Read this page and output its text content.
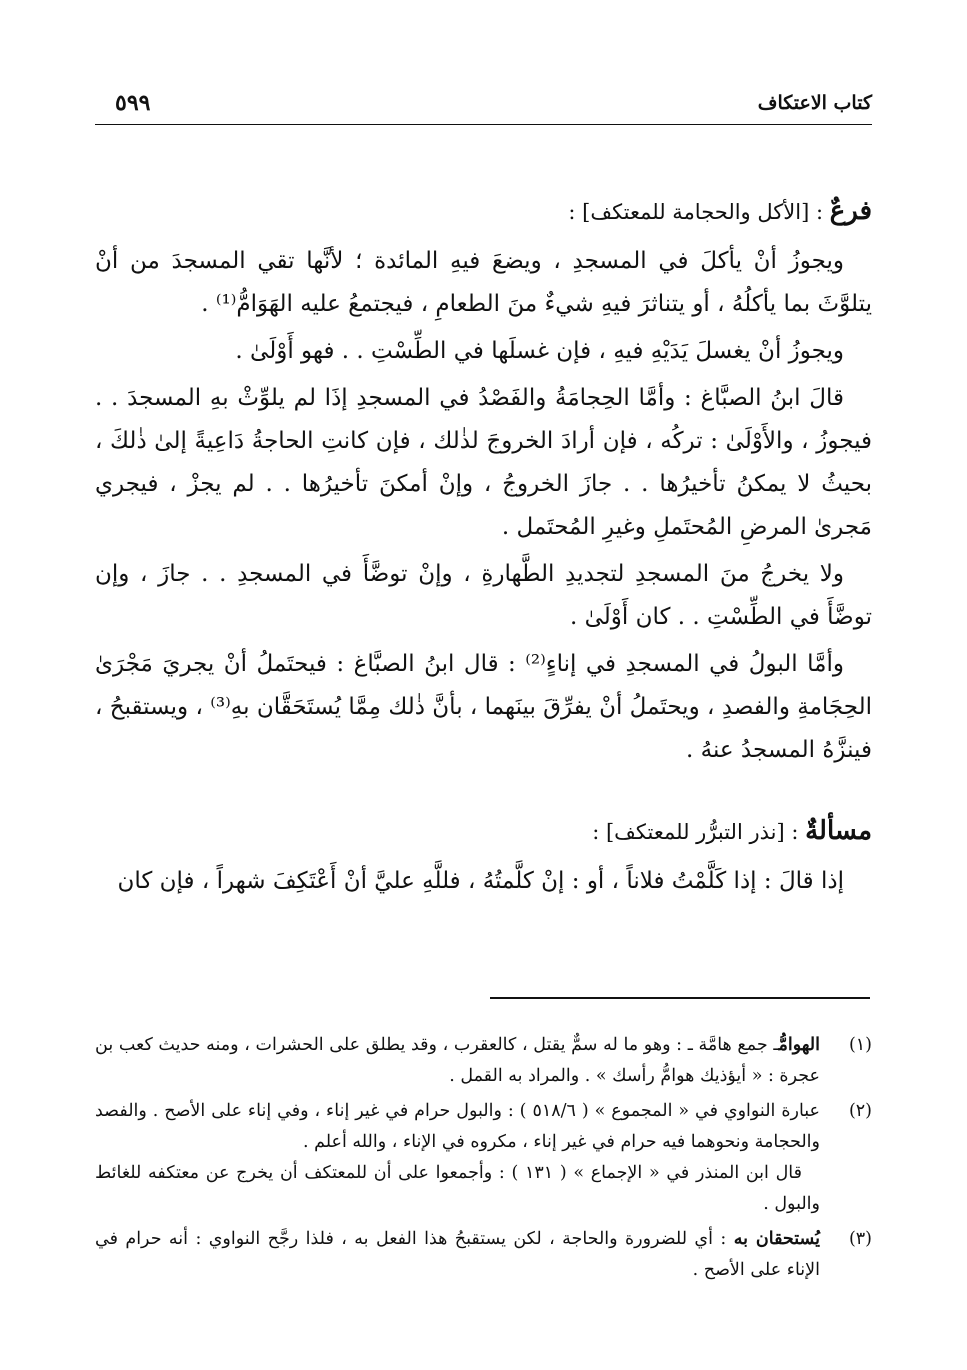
كتاب الاعتكاف
٥٩٩

فرعٌ : [الأكل والحجامة للمعتكف] :

ويجوزُ أنْ يأكلَ في المسجدِ ، ويضعَ فيهِ المائدة ؛ لأنَّها تقي المسجدَ من أنْ يتلوَّثَ بما يأكلُهُ ، أو يتناثرَ فيهِ شيءٌ منَ الطعامِ ، فيجتمعُ عليه الهَوَامُّ⁽¹⁾ .

ويجوزُ أنْ يغسلَ يَدَيْهِ فيهِ ، فإن غسلَها في الطِّسْتِ . . فهو أَوْلَىٰ .

قالَ ابنُ الصبَّاغ : وأمَّا الحِجامَةُ والفَصْدُ في المسجدِ إذَا لم يلوِّثْ بهِ المسجدَ . . فيجوزُ ، والأَوْلَىٰ : تركُه ، فإن أرادَ الخروجَ لذٰلك ، فإن كانتِ الحاجةُ دَاعِيةً إلىٰ ذٰلكَ ، بحيثُ لا يمكنُ تأخيرُها . . جازَ الخروجُ ، وإنْ أمكنَ تأخيرُها . . لم يجزْ ، فيجري مَجرىٰ المرضِ المُحتَملِ وغيرِ المُحتَمل .

ولا يخرجُ منَ المسجدِ لتجديدِ الطَّهارةِ ، وإنْ توضَّأَ في المسجدِ . . جازَ ، وإن توضَّأَ في الطِّسْتِ . . كان أَوْلَىٰ .

وأمَّا البولُ في المسجدِ في إناءٍ⁽²⁾ : قال ابنُ الصبَّاغ : فيحتَملُ أنْ يجريَ مَجْرَىٰ الحِجَامةِ والفصدِ ، ويحتَملُ أنْ يفرِّقَ بينَهما ، بأنَّ ذٰلك مِمَّا يُستَحَقَّان بهِ⁽³⁾ ، ويستقبحُ ، فينزَّهُ المسجدُ عنهُ .

مسألةٌ : [نذر التبرُّر للمعتكف] :

إذا قالَ : إذا كَلَّمْتُ فلاناً ، أو : إنْ كلَّمتُهُ ، فللَّهِ عليَّ أنْ أَعْتَكِفَ شهراً ، فإن كان

(١)

الهوامُّـ جمع هامَّة ـ : وهو ما له سمٌّ يقتل ، كالعقرب ، وقد يطلق على الحشرات ، ومنه حديث كعب بن عجرة : « أيؤذيك هوامُّ رأسك » . والمراد به القمل .

(٢)

عبارة النواوي في « المجموع » ( ٥١٨/٦ ) : والبول حرام في غير إناء ، وفي إناء على الأصح . والفصد والحجامة ونحوهما فيه حرام في غير إناء ، مكروه في الإناء ، والله أعلم .

قال ابن المنذر في « الإجماع » ( ١٣١ ) : وأجمعوا على أن للمعتكف أن يخرج عن معتكفه للغائط والبول .

(٣)

يُستحقان به : أي للضرورة والحاجة ، لكن يستقبحُ هذا الفعل به ، فلذا رجَّح النواوي : أنه حرام في الإناء على الأصح .
